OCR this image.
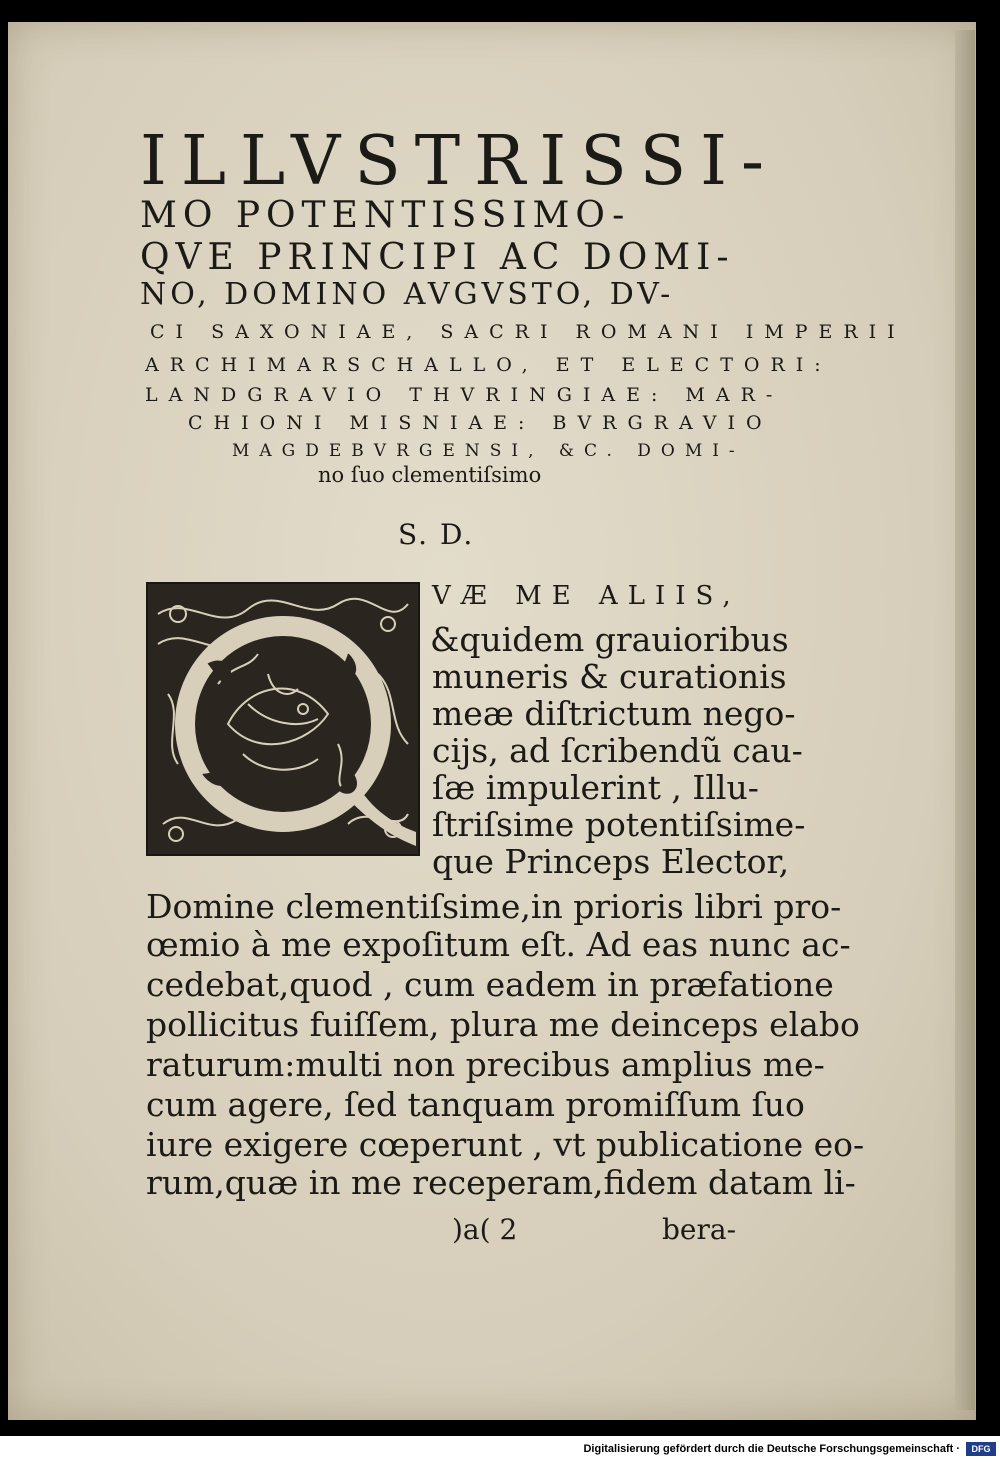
ILLVSTRISSI-
MO POTENTISSIMO-
QVE PRINCIPI AC DOMI-
NO, DOMINO AVGVSTO, DV-
CI SAXONIAE, SACRI ROMANI IMPERII
ARCHIMARSCHALLO, ET ELECTORI:
LANDGRAVIO THVRINGIAE: MAR-
CHIONI MISNIAE: BVRGRAVIO
MAGDEBVRGENSI, &C. DOMI-
no ſuo clementiſsimo
S. D.
VÆ ME ALIIS,
&quidem grauioribus
muneris & curationis
meæ diſtrictum nego-
cijs, ad ſcribendũ cau-
ſæ impulerint , Illu-
ſtriſsime potentiſsime-
que Princeps Elector,
Domine clementiſsime,in prioris libri pro-
œmio à me expoſitum eſt. Ad eas nunc ac-
cedebat,quod , cum eadem in præfatione
pollicitus fuiſſem, plura me deinceps elabo
raturum:multi non precibus amplius me-
cum agere, ſed tanquam promiſſum ſuo
iure exigere cœperunt , vt publicatione eo-
rum,quæ in me receperam,fidem datam li-
)a( 2	bera-
Digitalisierung gefördert durch die Deutsche Forschungsgemeinschaft ·	DFG
